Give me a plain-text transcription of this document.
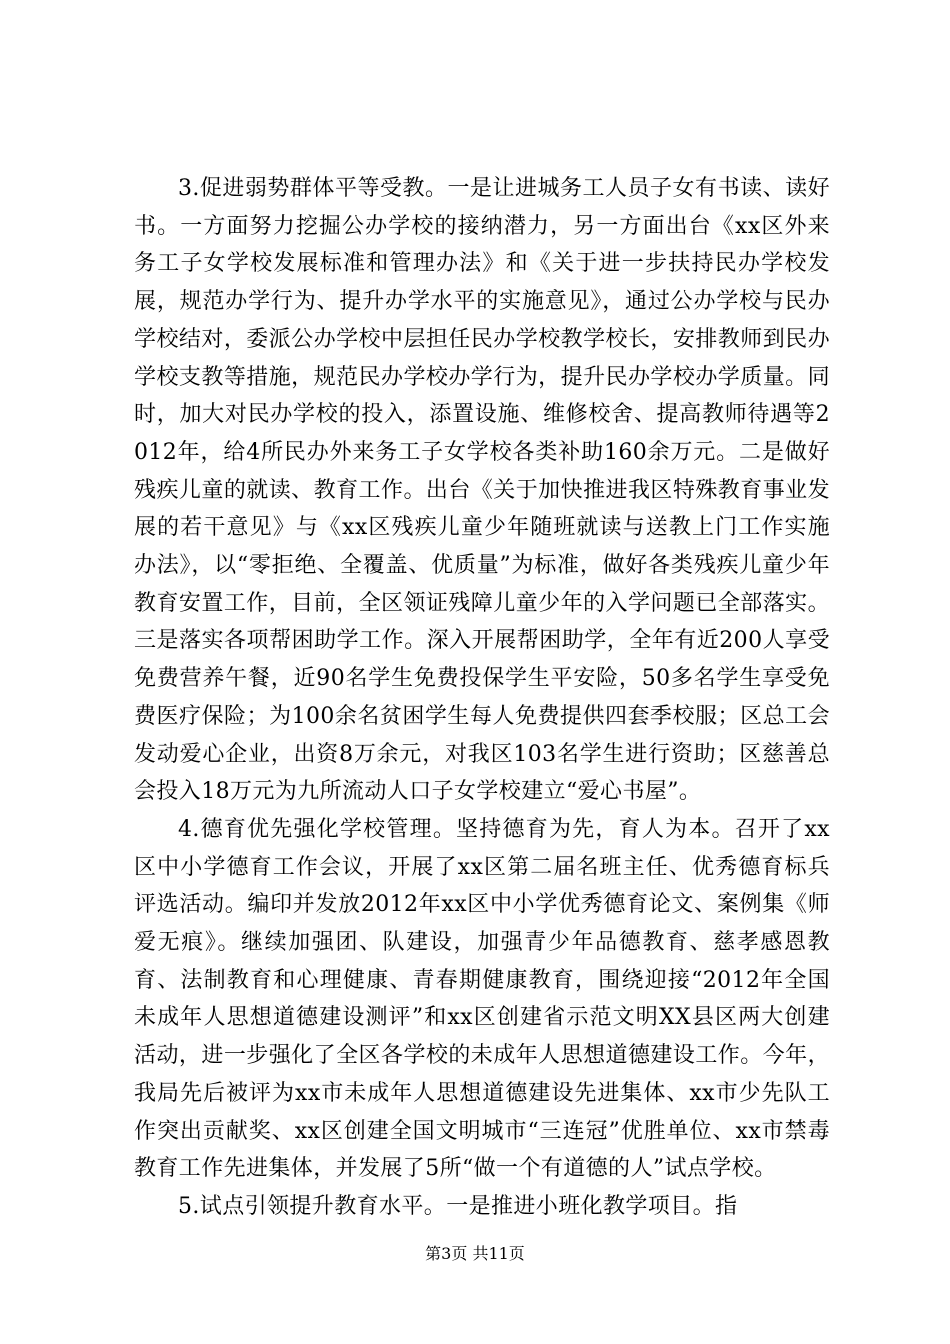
3.促进弱势群体平等受教。一是让进城务工人员子女有书读、读好书。一方面努力挖掘公办学校的接纳潜力，另一方面出台《xx区外来务工子女学校发展标准和管理办法》和《关于进一步扶持民办学校发展，规范办学行为、提升办学水平的实施意见》，通过公办学校与民办学校结对，委派公办学校中层担任民办学校教学校长，安排教师到民办学校支教等措施，规范民办学校办学行为，提升民办学校办学质量。同时，加大对民办学校的投入，添置设施、维修校舍、提高教师待遇等2012年，给4所民办外来务工子女学校各类补助160余万元。二是做好残疾儿童的就读、教育工作。出台《关于加快推进我区特殊教育事业发展的若干意见》与《xx区残疾儿童少年随班就读与送教上门工作实施办法》，以“零拒绝、全覆盖、优质量”为标准，做好各类残疾儿童少年教育安置工作，目前，全区领证残障儿童少年的入学问题已全部落实。三是落实各项帮困助学工作。深入开展帮困助学，全年有近200人享受免费营养午餐，近90名学生免费投保学生平安险，50多名学生享受免费医疗保险；为100余名贫困学生每人免费提供四套季校服；区总工会发动爱心企业，出资8万余元，对我区103名学生进行资助；区慈善总会投入18万元为九所流动人口子女学校建立“爱心书屋”。

4.德育优先强化学校管理。坚持德育为先，育人为本。召开了xx区中小学德育工作会议，开展了xx区第二届名班主任、优秀德育标兵评选活动。编印并发放2012年xx区中小学优秀德育论文、案例集《师爱无痕》。继续加强团、队建设，加强青少年品德教育、慈孝感恩教育、法制教育和心理健康、青春期健康教育，围绕迎接“2012年全国未成年人思想道德建设测评”和xx区创建省示范文明XX县区两大创建活动，进一步强化了全区各学校的未成年人思想道德建设工作。今年，我局先后被评为xx市未成年人思想道德建设先进集体、xx市少先队工作突出贡献奖、xx区创建全国文明城市“三连冠”优胜单位、xx市禁毒教育工作先进集体，并发展了5所“做一个有道德的人”试点学校。

5.试点引领提升教育水平。一是推进小班化教学项目。指

第3页 共11页
